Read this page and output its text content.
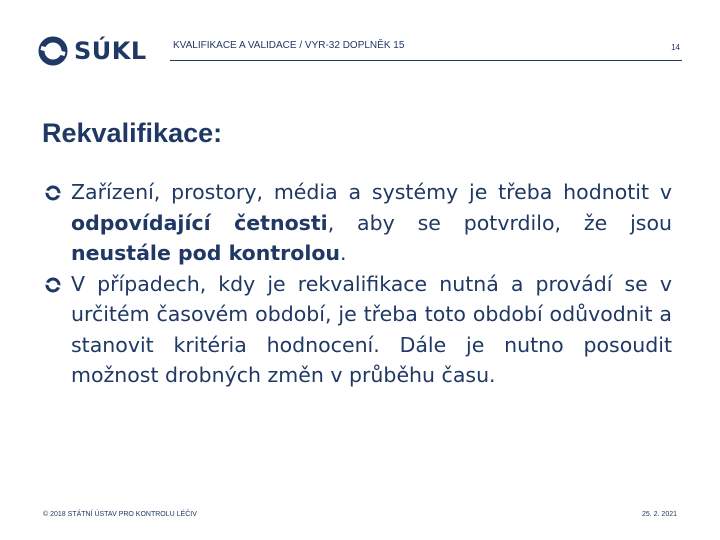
SÚKL	KVALIFIKACE A VALIDACE / VYR-32 DOPLNĚK 15	14
Rekvalifikace:
Zařízení, prostory, média a systémy je třeba hodnotit v odpovídající četnosti, aby se potvrdilo, že jsou neustále pod kontrolou.
V případech, kdy je rekvalifikace nutná a provádí se v určitém časovém období, je třeba toto období odůvodnit a stanovit kritéria hodnocení. Dále je nutno posoudit možnost drobných změn v průběhu času.
© 2018 STÁTNÍ ÚSTAV PRO KONTROLU LÉČIV	25. 2. 2021
